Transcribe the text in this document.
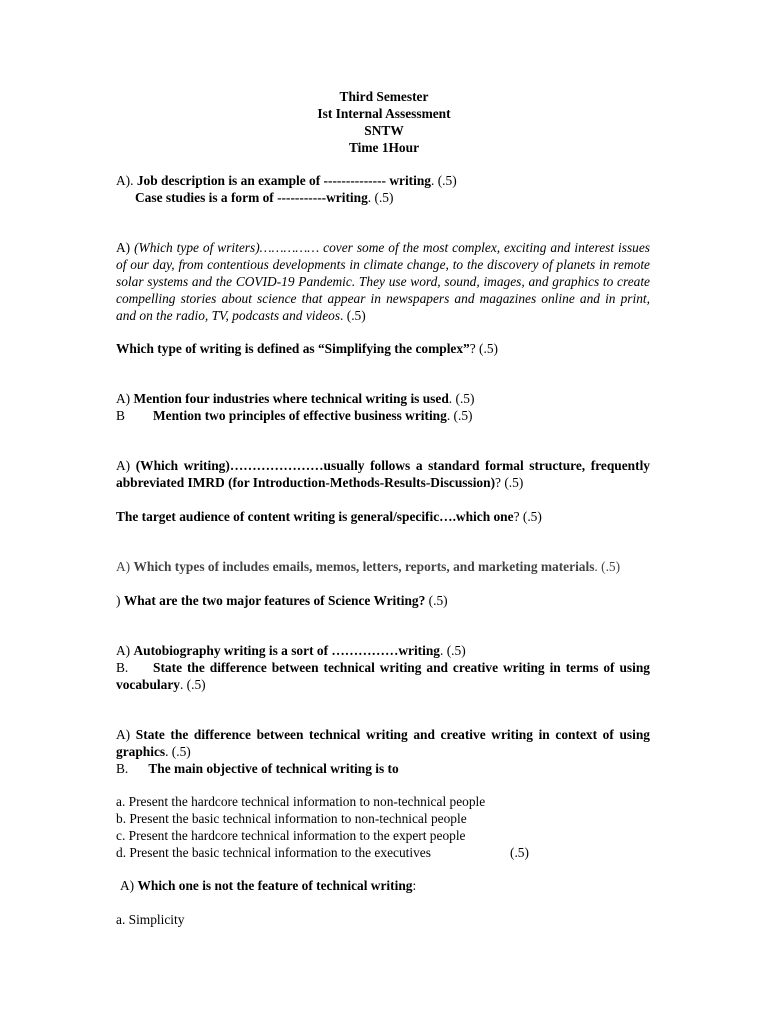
Third Semester
Ist Internal Assessment
SNTW
Time 1Hour
A). Job description is an example of -------------- writing. (.5)
Case studies is a form of -----------writing. (.5)
A) (Which type of writers)…………… cover some of the most complex, exciting and interest issues of our day, from contentious developments in climate change, to the discovery of planets in remote solar systems and the COVID-19 Pandemic. They use word, sound, images, and graphics to create compelling stories about science that appear in newspapers and magazines online and in print, and on the radio, TV, podcasts and videos. (.5)
Which type of writing is defined as “Simplifying the complex”? (.5)
A) Mention four industries where technical writing is used. (.5)
B Mention two principles of effective business writing. (.5)
A) (Which writing)…………………usually follows a standard formal structure, frequently abbreviated IMRD (for Introduction-Methods-Results-Discussion)? (.5)
The target audience of content writing is general/specific….which one? (.5)
A) Which types of includes emails, memos, letters, reports, and marketing materials. (.5)
) What are the two major features of Science Writing? (.5)
A) Autobiography writing is a sort of ……………writing. (.5)
B.     State the difference between technical writing and creative writing in terms of using vocabulary. (.5)
A) State the difference between technical writing and creative writing in context of using graphics. (.5)
B.      The main objective of technical writing is to
a. Present the hardcore technical information to non-technical people
b. Present the basic technical information to non-technical people
c. Present the hardcore technical information to the expert people
d. Present the basic technical information to the executives	(.5)
A) Which one is not the feature of technical writing:
a. Simplicity
